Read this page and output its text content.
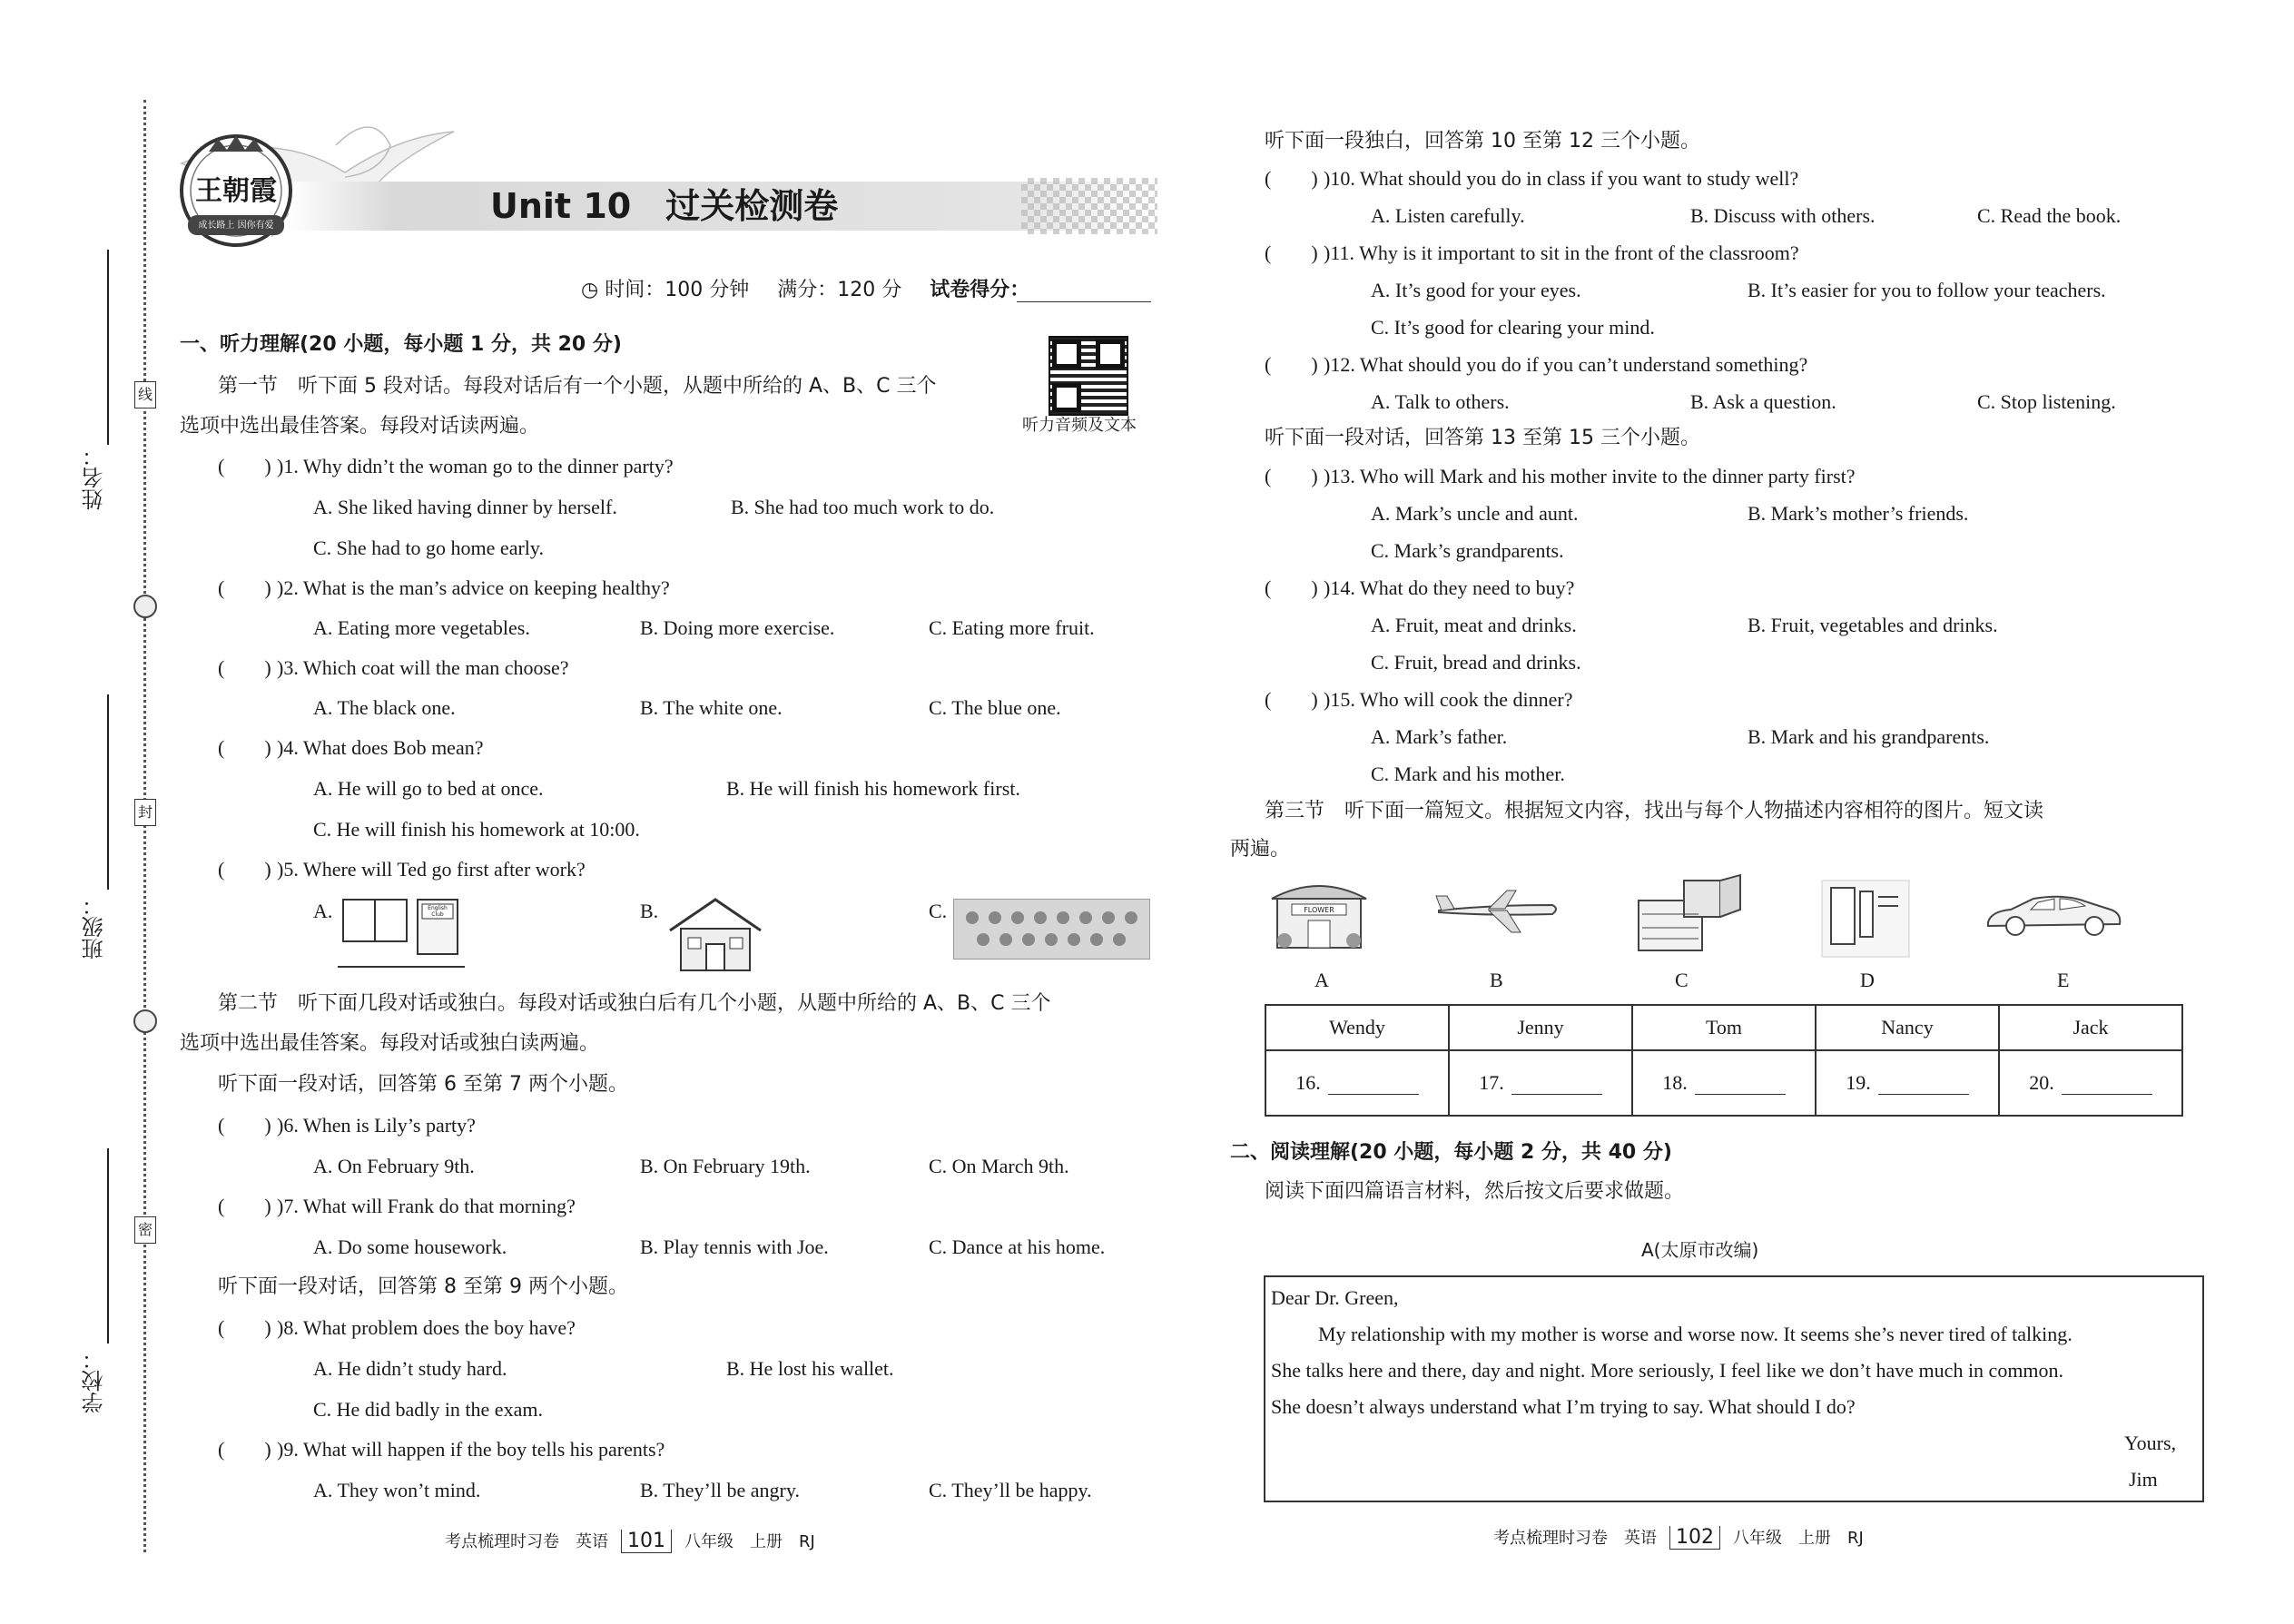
线
封
密
姓名：
班级：
学校：
王朝霞
成长路上 因你有爱	Unit 10　过关检测卷
◷ 时间：100 分钟 满分：120 分 试卷得分：
听力音频及文本
一、听力理解(20 小题，每小题 1 分，共 20 分)
第一节　听下面 5 段对话。每段对话后有一个小题，从题中所给的 A、B、C 三个
选项中选出最佳答案。每段对话读两遍。
(　　) )1. Why didn’t the woman go to the dinner party?
A. She liked having dinner by herself.	B. She had too much work to do.
C. She had to go home early.
(　　) )2. What is the man’s advice on keeping healthy?
A. Eating more vegetables.	B. Doing more exercise.	C. Eating more fruit.
(　　) )3. Which coat will the man choose?
A. The black one.	B. The white one.	C. The blue one.
(　　) )4. What does Bob mean?
A. He will go to bed at once.	B. He will finish his homework first.
C. He will finish his homework at 10:00.
(　　) )5. Where will Ted go first after work?
A.	English Club	B.	C.
第二节　听下面几段对话或独白。每段对话或独白后有几个小题，从题中所给的 A、B、C 三个
选项中选出最佳答案。每段对话或独白读两遍。
听下面一段对话，回答第 6 至第 7 两个小题。
(　　) )6. When is Lily’s party?
A. On February 9th.	B. On February 19th.	C. On March 9th.
(　　) )7. What will Frank do that morning?
A. Do some housework.	B. Play tennis with Joe.	C. Dance at his home.
听下面一段对话，回答第 8 至第 9 两个小题。
(　　) )8. What problem does the boy have?
A. He didn’t study hard.	B. He lost his wallet.
C. He did badly in the exam.
(　　) )9. What will happen if the boy tells his parents?
A. They won’t mind.	B. They’ll be angry.	C. They’ll be happy.
考点梳理时习卷　英语 101 八年级　上册　RJ
听下面一段独白，回答第 10 至第 12 三个小题。
(　　) )10. What should you do in class if you want to study well?
A. Listen carefully.	B. Discuss with others.	C. Read the book.
(　　) )11. Why is it important to sit in the front of the classroom?
A. It’s good for your eyes.	B. It’s easier for you to follow your teachers.
C. It’s good for clearing your mind.
(　　) )12. What should you do if you can’t understand something?
A. Talk to others.	B. Ask a question.	C. Stop listening.
听下面一段对话，回答第 13 至第 15 三个小题。
(　　) )13. Who will Mark and his mother invite to the dinner party first?
A. Mark’s uncle and aunt.	B. Mark’s mother’s friends.
C. Mark’s grandparents.
(　　) )14. What do they need to buy?
A. Fruit, meat and drinks.	B. Fruit, vegetables and drinks.
C. Fruit, bread and drinks.
(　　) )15. Who will cook the dinner?
A. Mark’s father.	B. Mark and his grandparents.
C. Mark and his mother.
第三节　听下面一篇短文。根据短文内容，找出与每个人物描述内容相符的图片。短文读
两遍。
FLOWER
A	B	C	D	E
Wendy	Jenny	Tom	Nancy	Jack
16.	17.	18.	19.	20.
二、阅读理解(20 小题，每小题 2 分，共 40 分)
阅读下面四篇语言材料，然后按文后要求做题。
A(太原市改编)
Dear Dr. Green,
My relationship with my mother is worse and worse now. It seems she’s never tired of talking.
She talks here and there, day and night. More seriously, I feel like we don’t have much in common.
She doesn’t always understand what I’m trying to say. What should I do?
Yours,
Jim
考点梳理时习卷　英语 102 八年级　上册　RJ
